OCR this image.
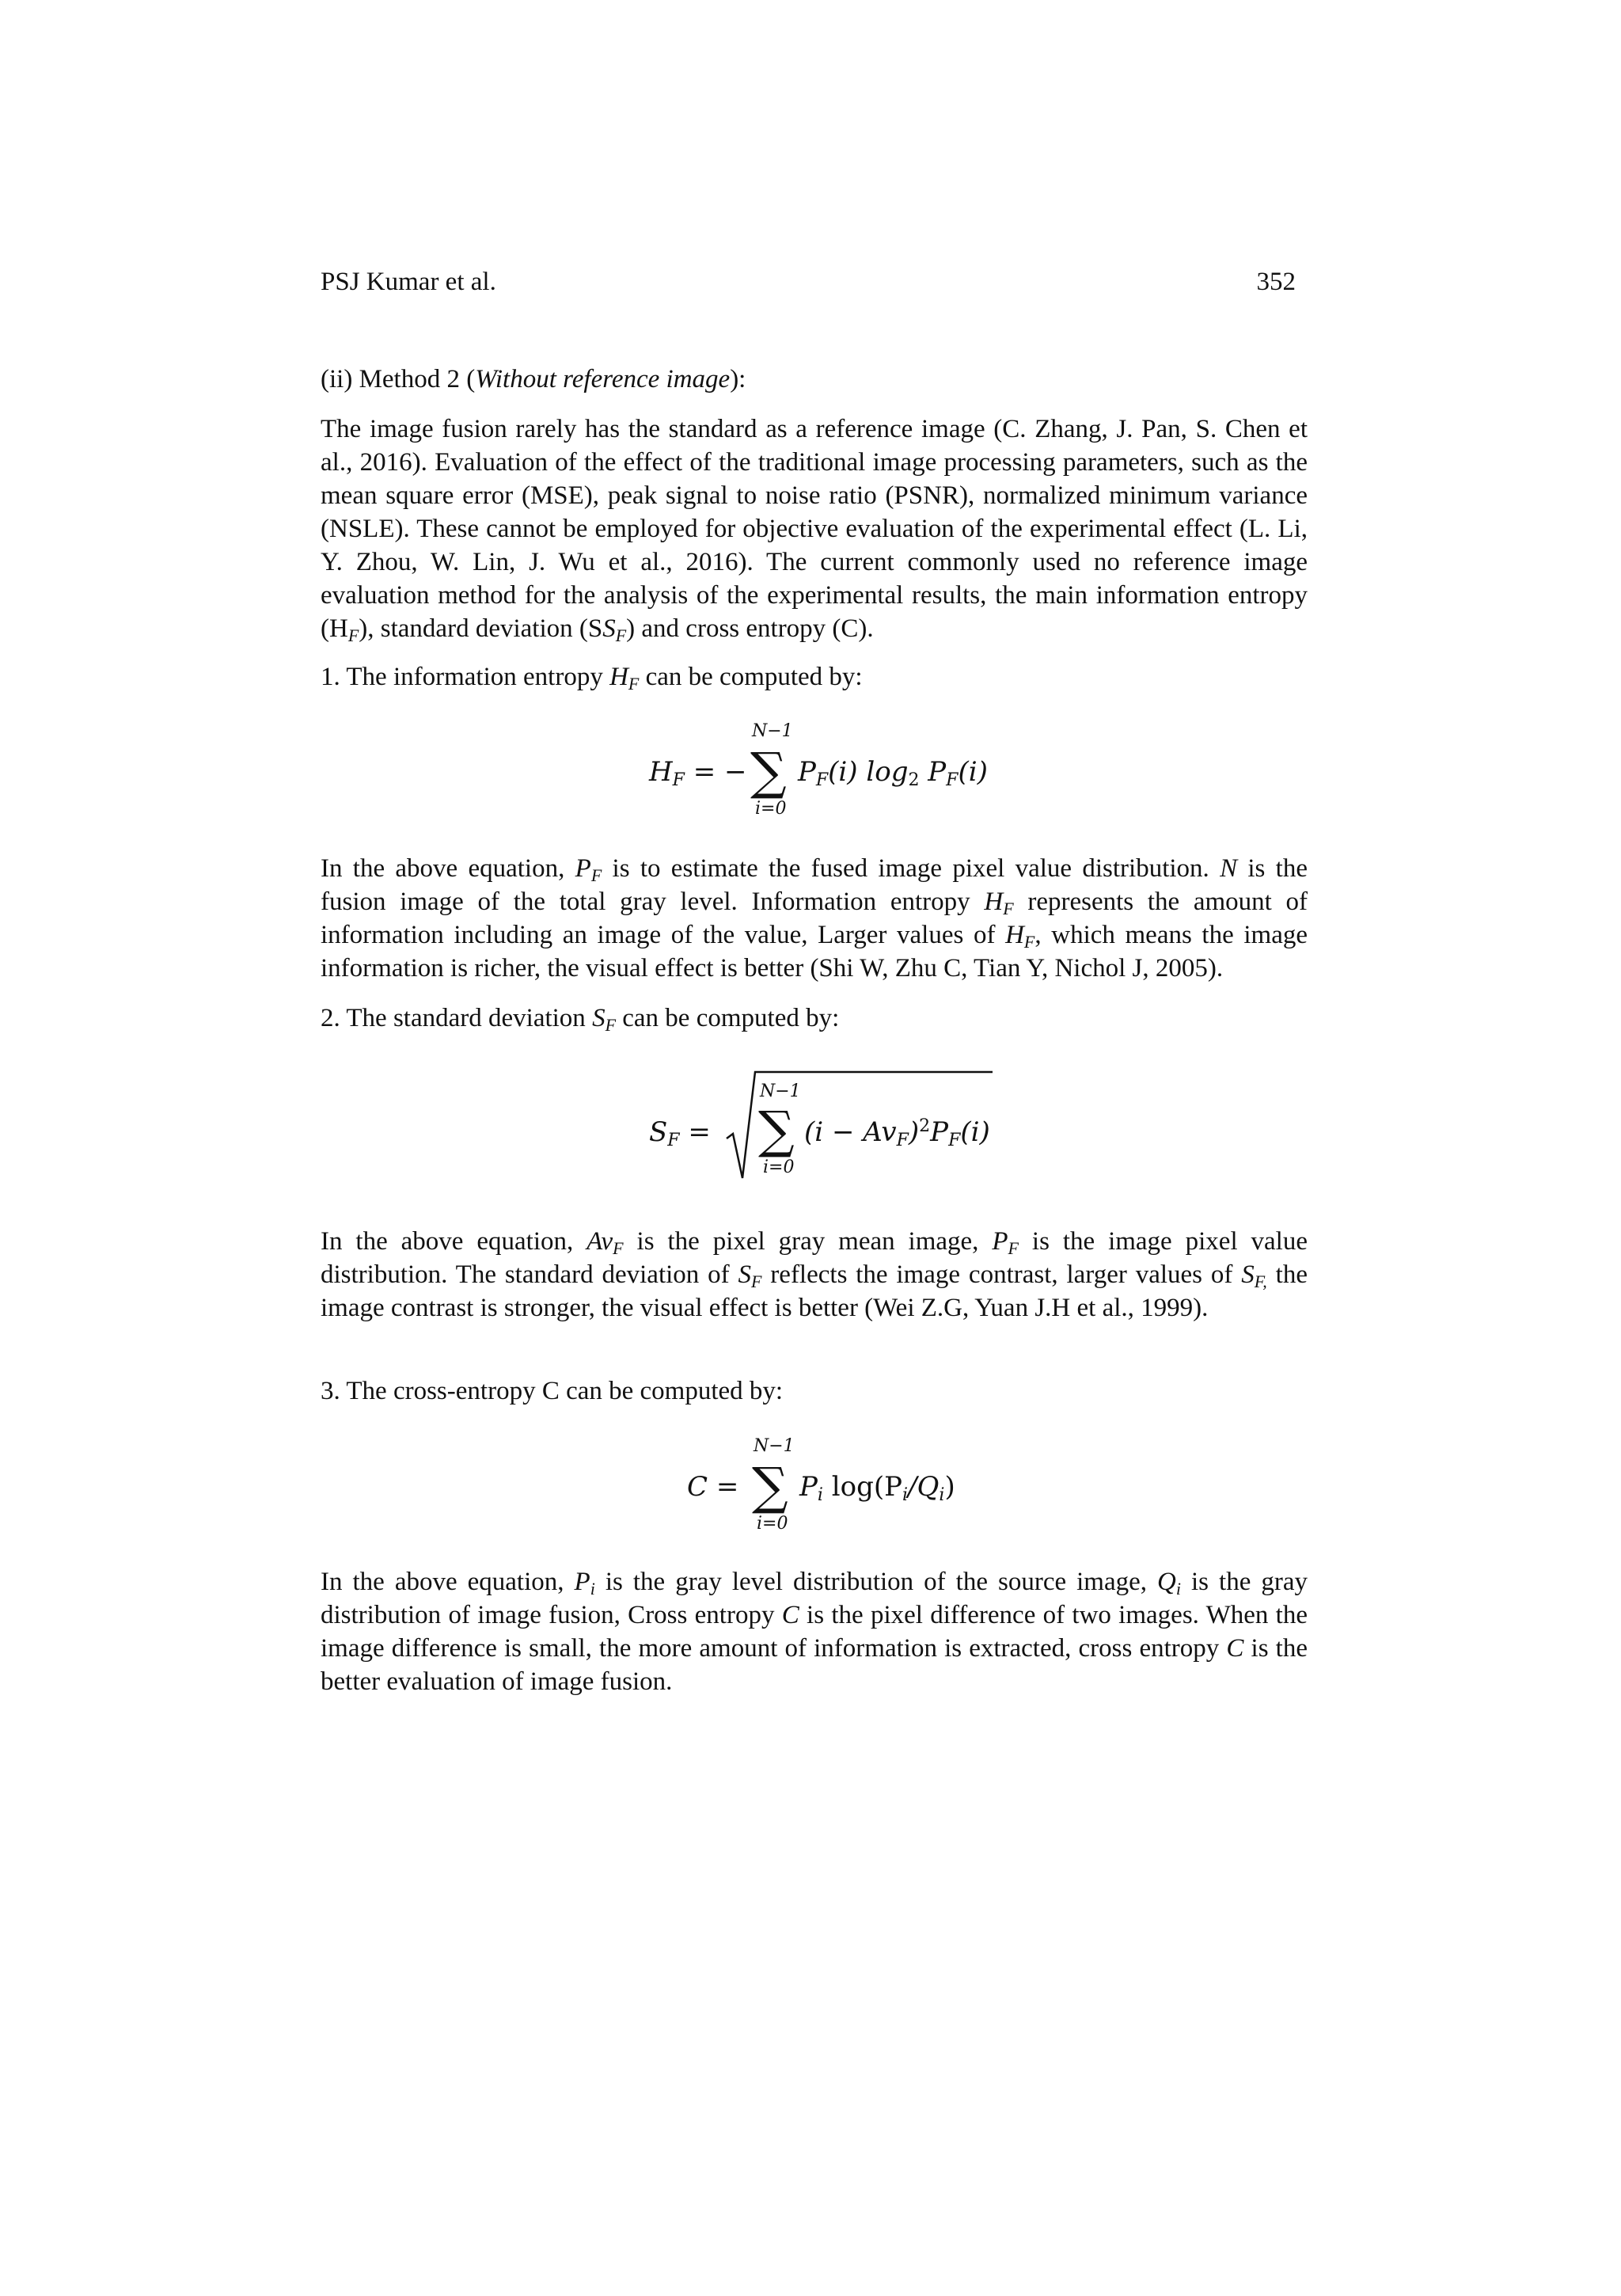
PSJ Kumar et al.	352

(ii) Method 2 (Without reference image):

The image fusion rarely has the standard as a reference image (C. Zhang, J. Pan, S. Chen et al., 2016). Evaluation of the effect of the traditional image processing parameters, such as the mean square error (MSE), peak signal to noise ratio (PSNR), normalized minimum variance (NSLE). These cannot be employed for objective evaluation of the experimental effect (L. Li, Y. Zhou, W. Lin, J. Wu et al., 2016). The current commonly used no reference image evaluation method for the analysis of the experimental results, the main information entropy $(H_F)$, standard deviation $(SS_F)$ and cross entropy (C).

1. The information entropy $H_F$ can be computed by:

$H_F$ = −
N−1
∑
i=0
$P_F(i)$ $\log_2 P_F(i)$

In the above equation, $P_F$ is to estimate the fused image pixel value distribution. N is the fusion image of the total gray level. Information entropy $H_F$ represents the amount of information including an image of the value, Larger values of $H_F$, which means the image information is richer, the visual effect is better (Shi W, Zhu C, Tian Y, Nichol J, 2005).

2. The standard deviation $S_F$ can be computed by:

$S_F$ =
N−1
∑
i=0
$(i - Av_F)^2P_F(i)$

In the above equation, $Av_F$ is the pixel gray mean image, $P_F$ is the image pixel value distribution. The standard deviation of $S_F$ reflects the image contrast, larger values of $S_{F,}$ the image contrast is stronger, the visual effect is better (Wei Z.G, Yuan J.H et al., 1999).

3. The cross-entropy C can be computed by:

C =
N−1
∑
i=0
$P_i$ $\log(P_i/Q_i)$

In the above equation, $P_i$ is the gray level distribution of the source image, $Q_i$ is the gray distribution of image fusion, Cross entropy C is the pixel difference of two images. When the image difference is small, the more amount of information is extracted, cross entropy C is the better evaluation of image fusion.
